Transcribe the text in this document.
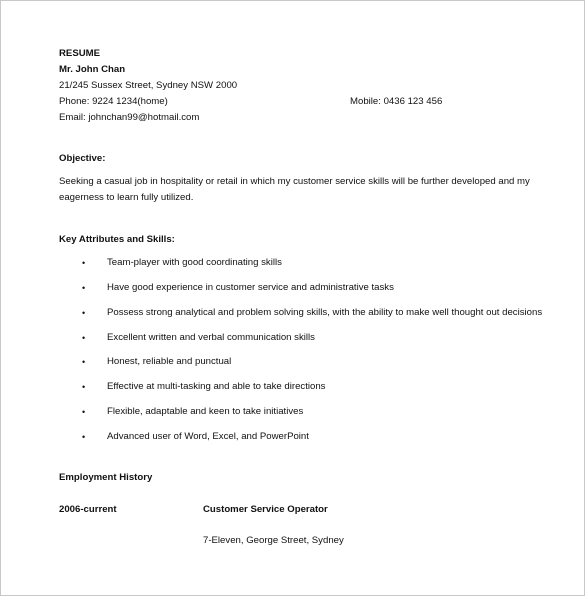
RESUME
Mr. John Chan
21/245 Sussex Street, Sydney NSW 2000
Phone: 9224 1234(home)	Mobile: 0436 123 456
Email: johnchan99@hotmail.com
Objective:
Seeking a casual job in hospitality or retail in which my customer service skills will be further developed and my
eagerness to learn fully utilized.
Key Attributes and Skills:
• Team-player with good coordinating skills
• Have good experience in customer service and administrative tasks
• Possess strong analytical and problem solving skills, with the ability to make well thought out decisions
• Excellent written and verbal communication skills
• Honest, reliable and punctual
• Effective at multi-tasking and able to take directions
• Flexible, adaptable and keen to take initiatives
• Advanced user of Word, Excel, and PowerPoint
Employment History
2006-current	Customer Service Operator
7-Eleven, George Street, Sydney
